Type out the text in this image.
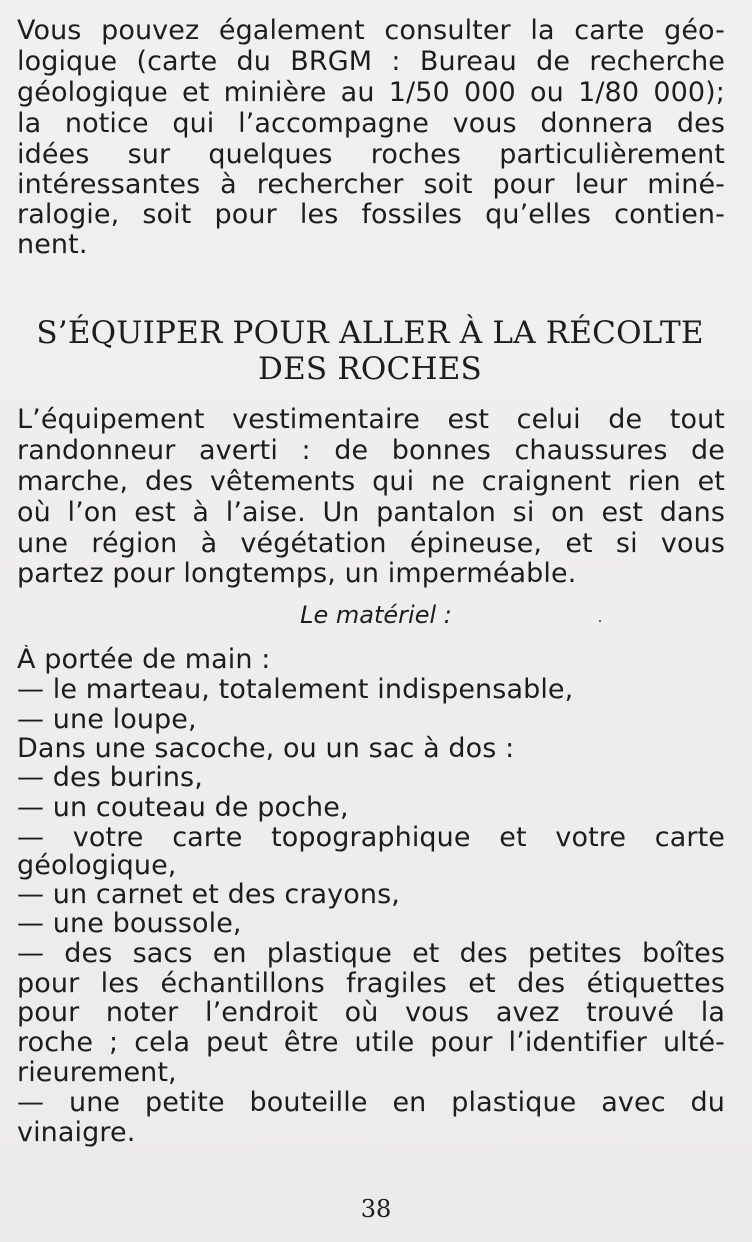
Vous pouvez également consulter la carte géo-
logique (carte du BRGM : Bureau de recherche
géologique et minière au 1/50 000 ou 1/80 000);
la notice qui l’accompagne vous donnera des
idées sur quelques roches particulièrement
intéressantes à rechercher soit pour leur miné-
ralogie, soit pour les fossiles qu’elles contien-
nent.
S’ÉQUIPER POUR ALLER À LA RÉCOLTE
DES ROCHES
L’équipement vestimentaire est celui de tout
randonneur averti : de bonnes chaussures de
marche, des vêtements qui ne craignent rien et
où l’on est à l’aise. Un pantalon si on est dans
une région à végétation épineuse, et si vous
partez pour longtemps, un imperméable.
Le matériel :
À portée de main :
— le marteau, totalement indispensable,
— une loupe,
Dans une sacoche, ou un sac à dos :
— des burins,
— un couteau de poche,
— votre carte topographique et votre carte
géologique,
— un carnet et des crayons,
— une boussole,
— des sacs en plastique et des petites boîtes
pour les échantillons fragiles et des étiquettes
pour noter l’endroit où vous avez trouvé la
roche ; cela peut être utile pour l’identifier ulté-
rieurement,
— une petite bouteille en plastique avec du
vinaigre.
38
